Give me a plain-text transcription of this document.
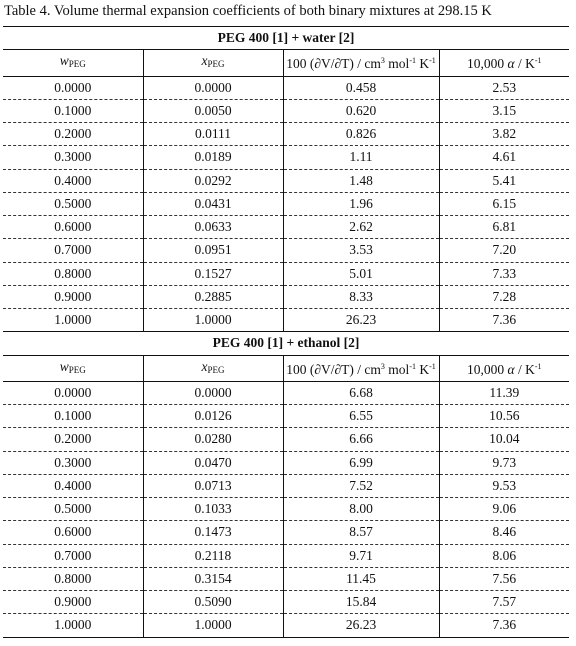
Table 4. Volume thermal expansion coefficients of both binary mixtures at 298.15 K
PEG 400 [1] + water [2]			
$w_{PEG}$	$x_{PEG}$	100 $(\partial V/\partial T) / cm^3$ mol$^{-1}$ $K^{-1}$	10,000 α / $K^{-1}$
0.0000	0.0000	0.458	2.53
0.1000	0.0050	0.620	3.15
0.2000	0.0111	0.826	3.82
0.3000	0.0189	1.11	4.61
0.4000	0.0292	1.48	5.41
0.5000	0.0431	1.96	6.15
0.6000	0.0633	2.62	6.81
0.7000	0.0951	3.53	7.20
0.8000	0.1527	5.01	7.33
0.9000	0.2885	8.33	7.28
1.0000	1.0000	26.23	7.36
PEG 400 [1] + ethanol [2]			
$w_{PEG}$	$x_{PEG}$	100 $(\partial V/\partial T) / cm^3$ mol$^{-1}$ $K^{-1}$	10,000 α / $K^{-1}$
0.0000	0.0000	6.68	11.39
0.1000	0.0126	6.55	10.56
0.2000	0.0280	6.66	10.04
0.3000	0.0470	6.99	9.73
0.4000	0.0713	7.52	9.53
0.5000	0.1033	8.00	9.06
0.6000	0.1473	8.57	8.46
0.7000	0.2118	9.71	8.06
0.8000	0.3154	11.45	7.56
0.9000	0.5090	15.84	7.57
1.0000	1.0000	26.23	7.36
